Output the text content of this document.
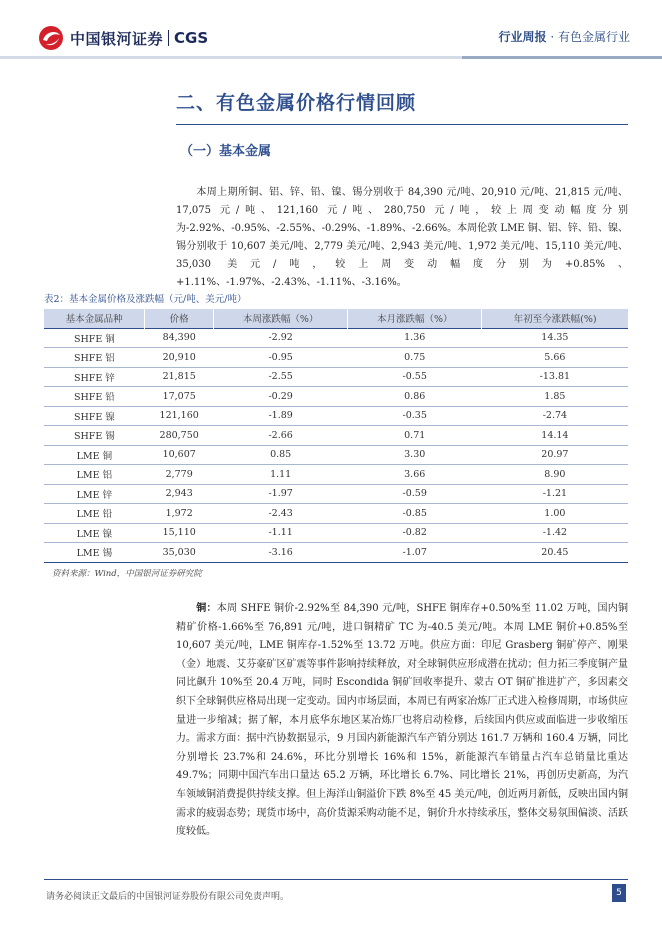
中国银河证券 CGS	行业周报 · 有色金属行业
二、有色金属价格行情回顾
（一）基本金属

本周上期所铜、铝、锌、铅、镍、锡分别收于 84,390 元/吨、20,910 元/吨、21,815 元/吨、17,075 元/吨、121,160 元/吨、280,750 元/吨，较上周变动幅度分别为-2.92%、-0.95%、-2.55%、-0.29%、-1.89%、-2.66%。本周伦敦 LME 铜、铝、锌、铅、镍、锡分别收于 10,607 美元/吨、2,779 美元/吨、2,943 美元/吨、1,972 美元/吨、15,110 美元/吨、35,030 美元/吨，较上周变动幅度分别为+0.85%、+1.11%、-1.97%、-2.43%、-1.11%、-3.16%。

表2：基本金属价格及涨跌幅（元/吨、美元/吨）
基本金属品种	价格	本周涨跌幅（%）	本月涨跌幅（%）	年初至今涨跌幅(%)
SHFE 铜	84,390	-2.92	1.36	14.35
SHFE 铝	20,910	-0.95	0.75	5.66
SHFE 锌	21,815	-2.55	-0.55	-13.81
SHFE 铅	17,075	-0.29	0.86	1.85
SHFE 镍	121,160	-1.89	-0.35	-2.74
SHFE 锡	280,750	-2.66	0.71	14.14
LME 铜	10,607	0.85	3.30	20.97
LME 铝	2,779	1.11	3.66	8.90
LME 锌	2,943	-1.97	-0.59	-1.21
LME 铅	1,972	-2.43	-0.85	1.00
LME 镍	15,110	-1.11	-0.82	-1.42
LME 锡	35,030	-3.16	-1.07	20.45
资料来源：Wind，中国银河证券研究院

铜：本周 SHFE 铜价-2.92%至 84,390 元/吨，SHFE 铜库存+0.50%至 11.02 万吨，国内铜精矿价格-1.66%至 76,891 元/吨，进口铜精矿 TC 为-40.5 美元/吨。本周 LME 铜价+0.85%至 10,607 美元/吨，LME 铜库存-1.52%至 13.72 万吨。供应方面：印尼 Grasberg 铜矿停产、刚果（金）地震、艾芬豪矿区矿震等事件影响持续释放，对全球铜供应形成潜在扰动；但力拓三季度铜产量同比飙升 10%至 20.4 万吨，同时 Escondida 铜矿回收率提升、蒙古 OT 铜矿推进扩产，多因素交织下全球铜供应格局出现一定变动。国内市场层面，本周已有两家冶炼厂正式进入检修周期，市场供应量进一步缩减；据了解，本月底华东地区某冶炼厂也将启动检修，后续国内供应或面临进一步收缩压力。需求方面：据中汽协数据显示，9 月国内新能源汽车产销分别达 161.7 万辆和 160.4 万辆，同比分别增长 23.7%和 24.6%，环比分别增长 16%和 15%，新能源汽车销量占汽车总销量比重达 49.7%；同期中国汽车出口量达 65.2 万辆，环比增长 6.7%、同比增长 21%，再创历史新高，为汽车领域铜消费提供持续支撑。但上海洋山铜溢价下跌 8%至 45 美元/吨，创近两月新低，反映出国内铜需求的疲弱态势；现货市场中，高价货源采购动能不足，铜价升水持续承压，整体交易氛围偏淡、活跃度较低。

请务必阅读正文最后的中国银河证券股份有限公司免责声明。	5
